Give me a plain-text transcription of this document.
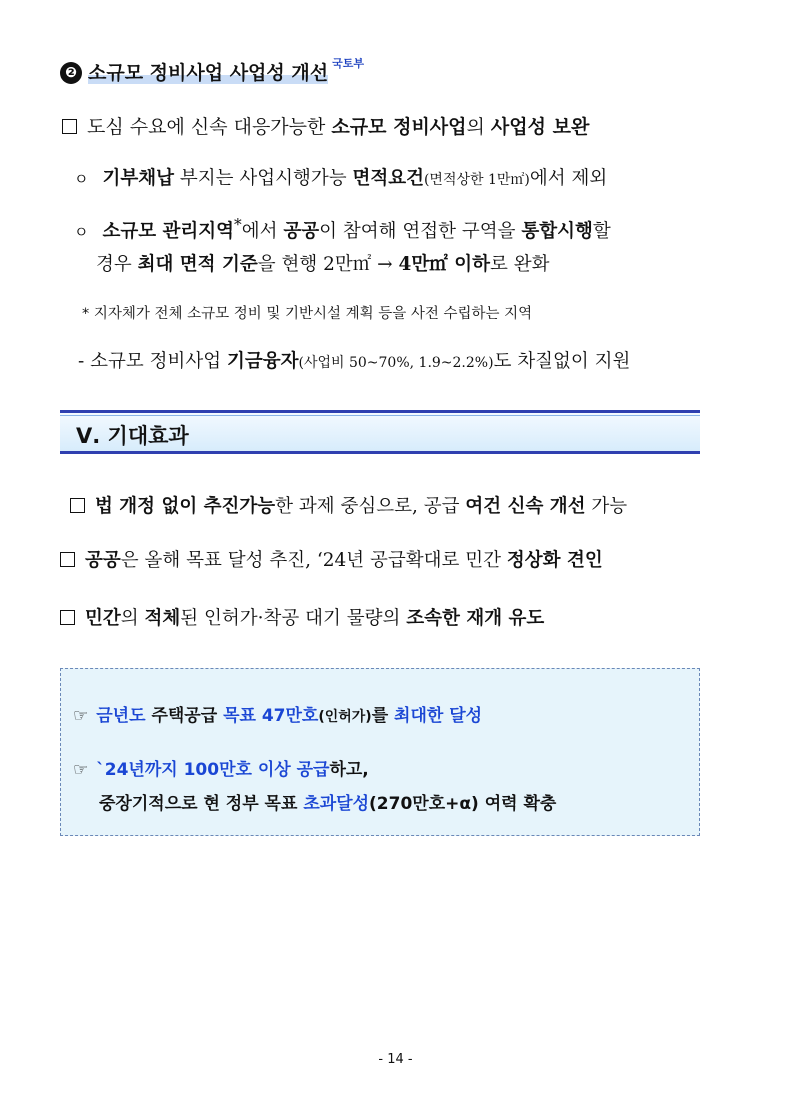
❷ 소규모 정비사업 사업성 개선 $^{국토부}$
도심 수요에 신속 대응가능한 소규모 정비사업의 사업성 보완
ㅇ 기부채납 부지는 사업시행가능 면적요건(면적상한 1만㎡)에서 제외
ㅇ 소규모 관리지역*에서 공공이 참여해 연접한 구역을 통합시행할
경우 최대 면적 기준을 현행 2만㎡ → 4만㎡ 이하로 완화
* 지자체가 전체 소규모 정비 및 기반시설 계획 등을 사전 수립하는 지역
- 소규모 정비사업 기금융자(사업비 50~70%, 1.9~2.2%)도 차질없이 지원
Ⅴ. 기대효과
법 개정 없이 추진가능한 과제 중심으로, 공급 여건 신속 개선 가능
공공은 올해 목표 달성 추진, ‘24년 공급확대로 민간 정상화 견인
민간의 적체된 인허가·착공 대기 물량의 조속한 재개 유도
☞ 금년도 주택공급 목표 47만호(인허가)를 최대한 달성
☞ `24년까지 100만호 이상 공급하고,
중장기적으로 현 정부 목표 초과달성(270만호+α) 여력 확충
- 14 -
